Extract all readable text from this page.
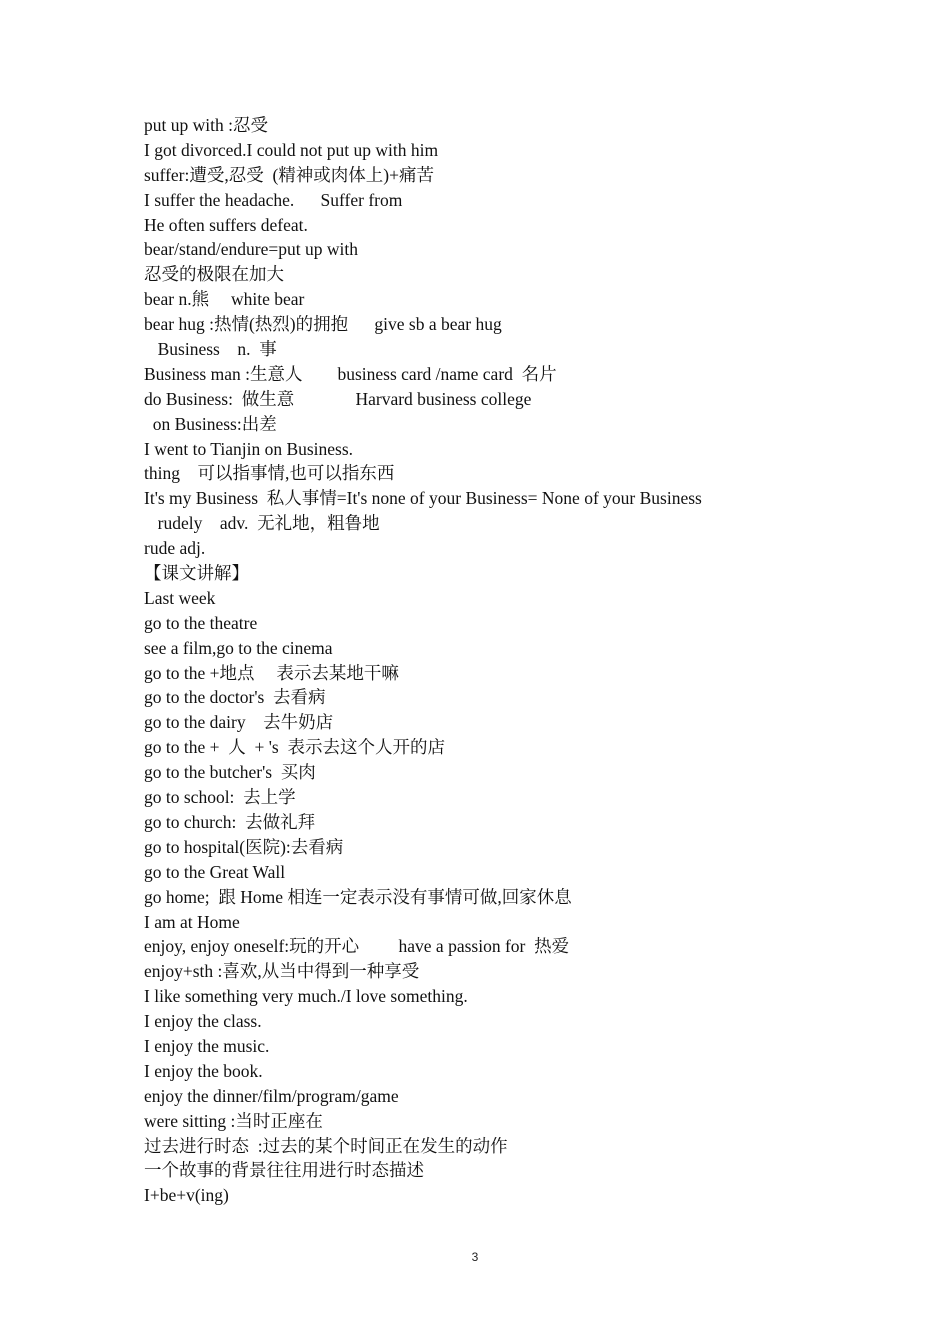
put up with :忍受
I got divorced.I could not put up with him
suffer:遭受,忍受  (精神或肉体上)+痛苦
I suffer the headache.      Suffer from
He often suffers defeat.
bear/stand/endure=put up with
忍受的极限在加大
bear n.熊     white bear
bear hug :热情(热烈)的拥抱      give sb a bear hug
Business    n.  事
Business man :生意人        business card /name card  名片
do Business:  做生意              Harvard business college
on Business:出差
I went to Tianjin on Business.
thing    可以指事情,也可以指东西
It's my Business  私人事情=It's none of your Business= None of your Business
rudely    adv.  无礼地，粗鲁地
rude adj.
【课文讲解】
Last week
go to the theatre
see a film,go to the cinema
go to the +地点     表示去某地干嘛
go to the doctor's  去看病
go to the dairy    去牛奶店
go to the +  人  + 's  表示去这个人开的店
go to the butcher's  买肉
go to school:  去上学
go to church:  去做礼拜
go to hospital(医院):去看病
go to the Great Wall
go home;  跟 Home 相连一定表示没有事情可做,回家休息
I am at Home
enjoy, enjoy oneself:玩的开心         have a passion for  热爱
enjoy+sth :喜欢,从当中得到一种享受
I like something very much./I love something.
I enjoy the class.
I enjoy the music.
I enjoy the book.
enjoy the dinner/film/program/game
were sitting :当时正座在
过去进行时态  :过去的某个时间正在发生的动作
一个故事的背景往往用进行时态描述
I+be+v(ing)
3
